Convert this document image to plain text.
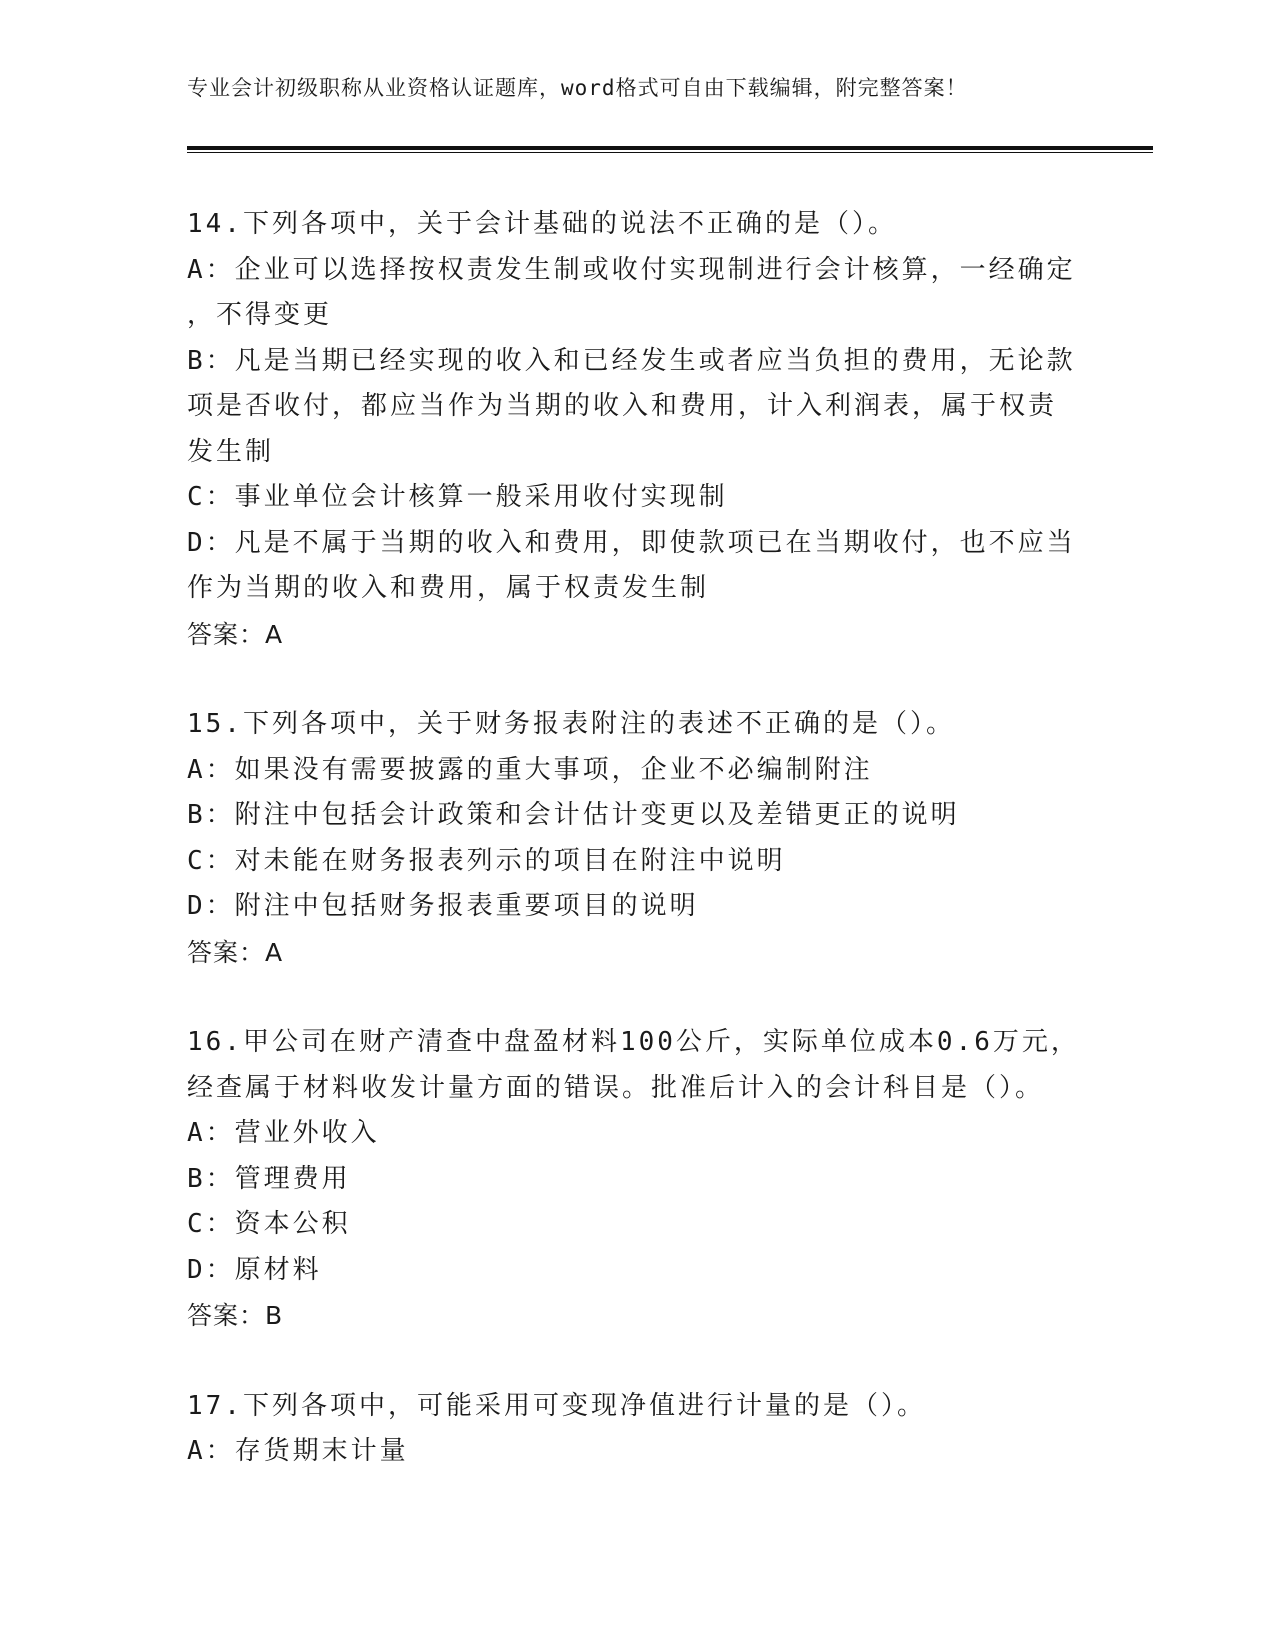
专业会计初级职称从业资格认证题库，word格式可自由下载编辑，附完整答案！
14.下列各项中，关于会计基础的说法不正确的是（）。
A：企业可以选择按权责发生制或收付实现制进行会计核算，一经确定
，不得变更
B：凡是当期已经实现的收入和已经发生或者应当负担的费用，无论款
项是否收付，都应当作为当期的收入和费用，计入利润表，属于权责
发生制
C：事业单位会计核算一般采用收付实现制
D：凡是不属于当期的收入和费用，即使款项已在当期收付，也不应当
作为当期的收入和费用，属于权责发生制
答案：A
15.下列各项中，关于财务报表附注的表述不正确的是（）。
A：如果没有需要披露的重大事项，企业不必编制附注
B：附注中包括会计政策和会计估计变更以及差错更正的说明
C：对未能在财务报表列示的项目在附注中说明
D：附注中包括财务报表重要项目的说明
答案：A
16.甲公司在财产清查中盘盈材料100公斤，实际单位成本0.6万元，
经查属于材料收发计量方面的错误。批准后计入的会计科目是（）。
A：营业外收入
B：管理费用
C：资本公积
D：原材料
答案：B
17.下列各项中，可能采用可变现净值进行计量的是（）。
A：存货期末计量
